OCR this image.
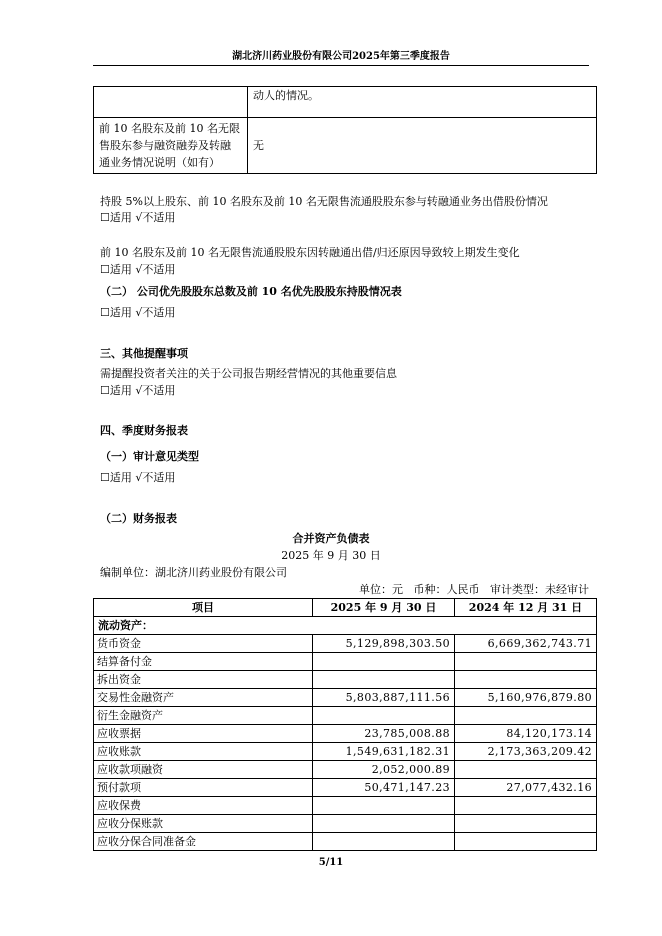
湖北济川药业股份有限公司2025年第三季度报告
	动人的情况。

前 10 名股东及前 10 名无限
售股东参与融资融券及转融
通业务情况说明（如有）	无
持股 5%以上股东、前 10 名股东及前 10 名无限售流通股股东参与转融通业务出借股份情况
☐适用 √不适用
前 10 名股东及前 10 名无限售流通股股东因转融通出借/归还原因导致较上期发生变化
☐适用 √不适用
（二） 公司优先股股东总数及前 10 名优先股股东持股情况表
☐适用 √不适用
三、其他提醒事项
需提醒投资者关注的关于公司报告期经营情况的其他重要信息
☐适用 √不适用
四、季度财务报表
（一）审计意见类型
☐适用 √不适用
（二）财务报表
合并资产负债表
2025 年 9 月 30 日
编制单位：湖北济川药业股份有限公司
单位：元   币种：人民币   审计类型：未经审计
项目	2025 年 9 月 30 日	2024 年 12 月 31 日
流动资产：		
货币资金	5,129,898,303.50	6,669,362,743.71
结算备付金		
拆出资金		
交易性金融资产	5,803,887,111.56	5,160,976,879.80
衍生金融资产		
应收票据	23,785,008.88	84,120,173.14
应收账款	1,549,631,182.31	2,173,363,209.42
应收款项融资	2,052,000.89	
预付款项	50,471,147.23	27,077,432.16
应收保费		
应收分保账款		
应收分保合同准备金		
5/11
